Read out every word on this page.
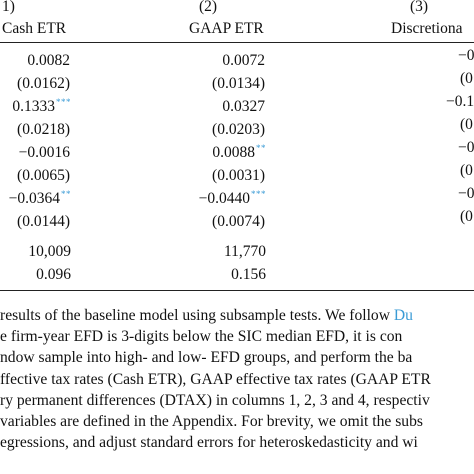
1)	(2)	(3)
Cash ETR	GAAP ETR	Discretiona
0.0082	0.0072	−0
(0.0162)	(0.0134)	(0
0.1333***	0.0327	−0.1
(0.0218)	(0.0203)	(0
−0.0016	0.0088**	−0
(0.0065)	(0.0031)	(0
−0.0364**	−0.0440***	−0
(0.0144)	(0.0074)	(0
10,009	11,770
0.096	0.156
results of the baseline model using subsample tests. We follow Du
e firm-year EFD is 3-digits below the SIC median EFD, it is con
ndow sample into high- and low- EFD groups, and perform the ba
ffective tax rates (Cash ETR), GAAP effective tax rates (GAAP ETR
ry permanent differences (DTAX) in columns 1, 2, 3 and 4, respectiv
variables are defined in the Appendix. For brevity, we omit the subs
egressions, and adjust standard errors for heteroskedasticity and wi
